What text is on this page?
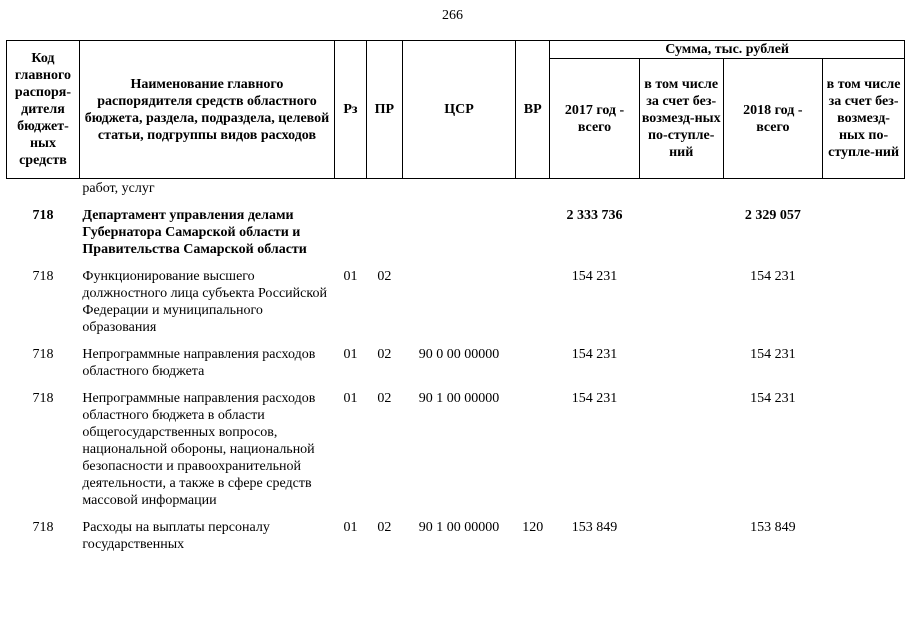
266
Код главного распоря-дителя бюджет-ных средств	Наименование главного распорядителя средств областного бюджета, раздела, подраздела, целевой статьи, подгруппы видов расходов	Рз	ПР	ЦСР	ВР	Сумма, тыс. рублей			
						2017 год - всего	в том числе за счет без-возмезд-ных по-ступле-ний	2018 год - всего	в том числе за счет без-возмезд-ных по-ступле-ний
	работ, услуг								
718	Департамент управления делами Губернатора Самарской области и Правительства Самарской области					2 333 736		2 329 057	
718	Функционирование высшего должностного лица субъекта Российской Федерации и муниципального образования	01	02			154 231		154 231	
718	Непрограммные направления расходов областного бюджета	01	02	90 0 00 00000		154 231		154 231	
718	Непрограммные направления расходов областного бюджета в области общегосударственных вопросов, национальной обороны, национальной безопасности и правоохранительной деятельности, а также в сфере средств массовой информации	01	02	90 1 00 00000		154 231		154 231	
718	Расходы на выплаты персоналу государственных	01	02	90 1 00 00000	120	153 849		153 849	
